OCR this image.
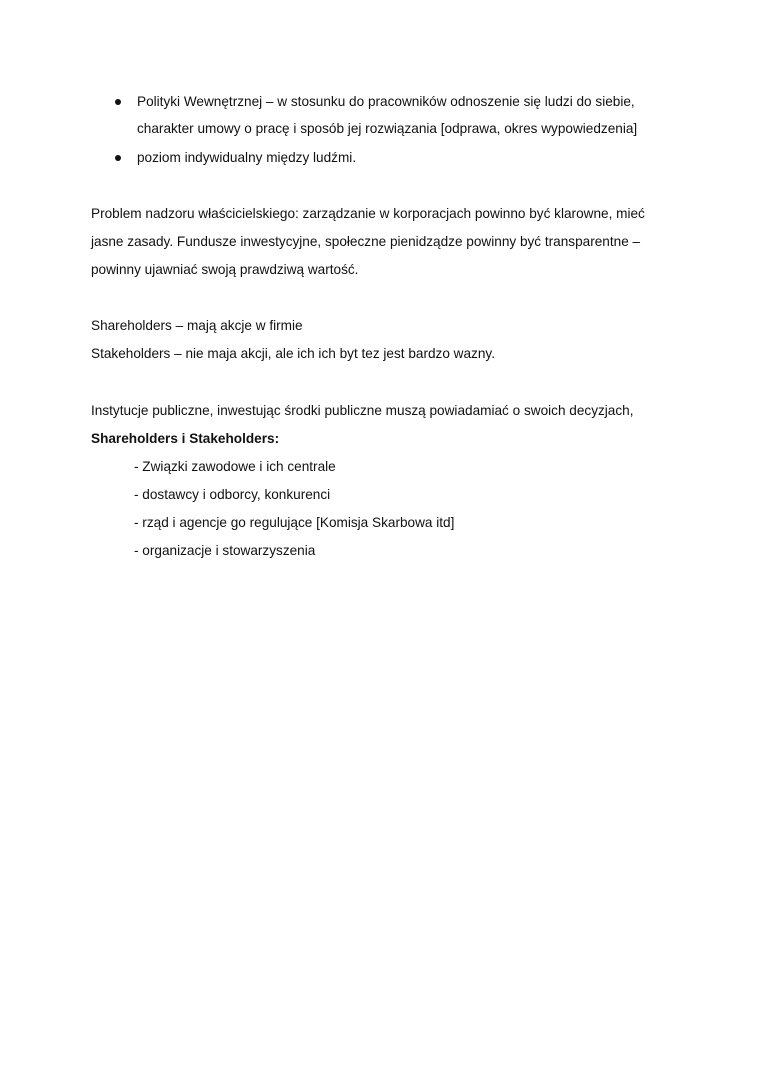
Polityki Wewnętrznej – w stosunku do pracowników odnoszenie się ludzi do siebie,
charakter umowy o pracę i sposób jej rozwiązania [odprawa, okres wypowiedzenia]
poziom indywidualny między ludźmi.
Problem nadzoru właścicielskiego: zarządzanie w korporacjach powinno być klarowne, mieć
jasne zasady. Fundusze inwestycyjne, społeczne pienidządze powinny być transparentne –
powinny ujawniać swoją prawdziwą wartość.
Shareholders – mają akcje w firmie
Stakeholders – nie maja akcji, ale ich ich byt tez jest bardzo wazny.
Instytucje publiczne, inwestując środki publiczne muszą powiadamiać o swoich decyzjach,
Shareholders i Stakeholders:
- Związki zawodowe i ich centrale
- dostawcy i odborcy, konkurenci
- rząd i agencje go regulujące [Komisja Skarbowa itd]
- organizacje i stowarzyszenia
